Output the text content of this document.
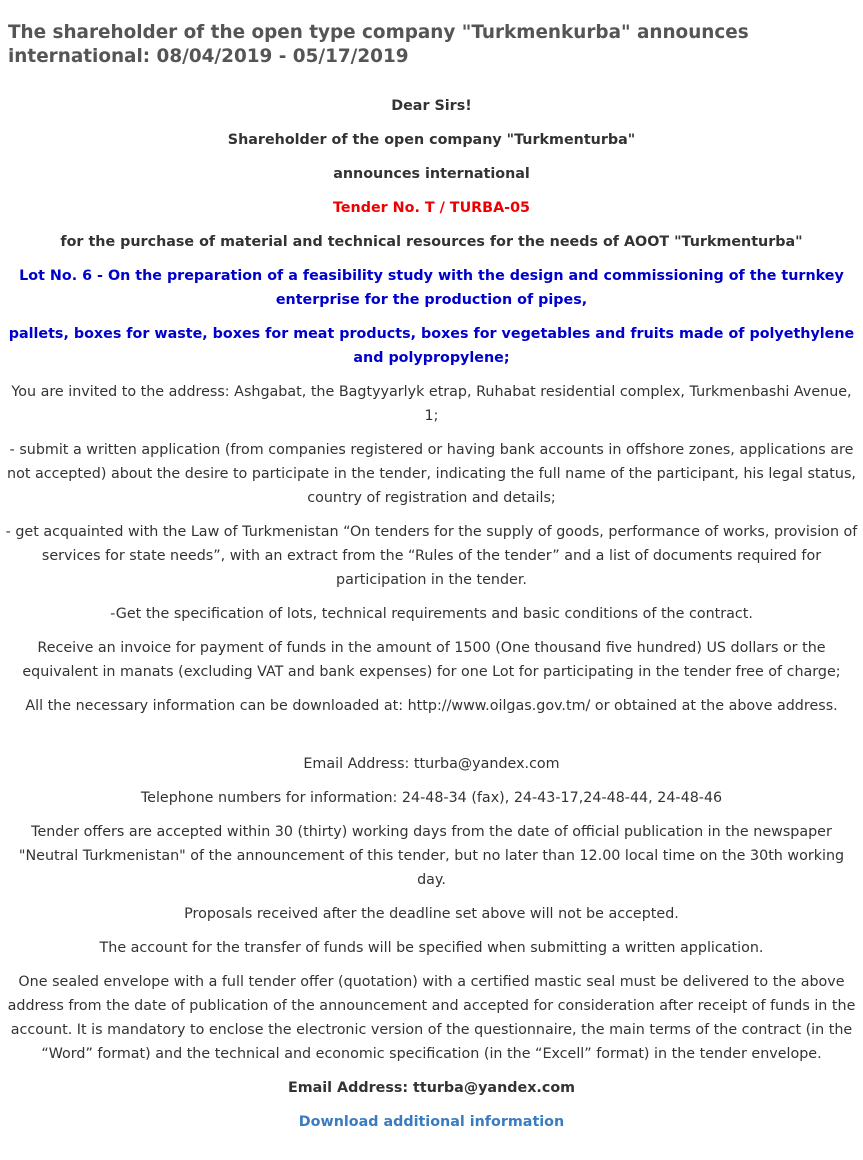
The shareholder of the open type company "Turkmenkurba" announces international: 08/04/2019 - 05/17/2019

Dear Sirs!

Shareholder of the open company "Turkmenturba"

announces international

Tender No. T / TURBA-05

for the purchase of material and technical resources for the needs of AOOT "Turkmenturba"

Lot No. 6 - On the preparation of a feasibility study with the design and commissioning of the turnkey enterprise for the production of pipes,

pallets, boxes for waste, boxes for meat products, boxes for vegetables and fruits made of polyethylene and polypropylene;

You are invited to the address: Ashgabat, the Bagtyyarlyk etrap, Ruhabat residential complex, Turkmenbashi Avenue, 1;

- submit a written application (from companies registered or having bank accounts in offshore zones, applications are not accepted) about the desire to participate in the tender, indicating the full name of the participant, his legal status, country of registration and details;

- get acquainted with the Law of Turkmenistan “On tenders for the supply of goods, performance of works, provision of services for state needs”, with an extract from the “Rules of the tender” and a list of documents required for participation in the tender.

-Get the specification of lots, technical requirements and basic conditions of the contract.

Receive an invoice for payment of funds in the amount of 1500 (One thousand five hundred) US dollars or the equivalent in manats (excluding VAT and bank expenses) for one Lot for participating in the tender free of charge;

All the necessary information can be downloaded at: http://www.oilgas.gov.tm/ or obtained at the above address.

Email Address: tturba@yandex.com

Telephone numbers for information: 24-48-34 (fax), 24-43-17,24-48-44, 24-48-46

Tender offers are accepted within 30 (thirty) working days from the date of official publication in the newspaper "Neutral Turkmenistan" of the announcement of this tender, but no later than 12.00 local time on the 30th working day.

Proposals received after the deadline set above will not be accepted.

The account for the transfer of funds will be specified when submitting a written application.

One sealed envelope with a full tender offer (quotation) with a certified mastic seal must be delivered to the above address from the date of publication of the announcement and accepted for consideration after receipt of funds in the account. It is mandatory to enclose the electronic version of the questionnaire, the main terms of the contract (in the “Word” format) and the technical and economic specification (in the “Excell” format) in the tender envelope.

Email Address: tturba@yandex.com

Download additional information
